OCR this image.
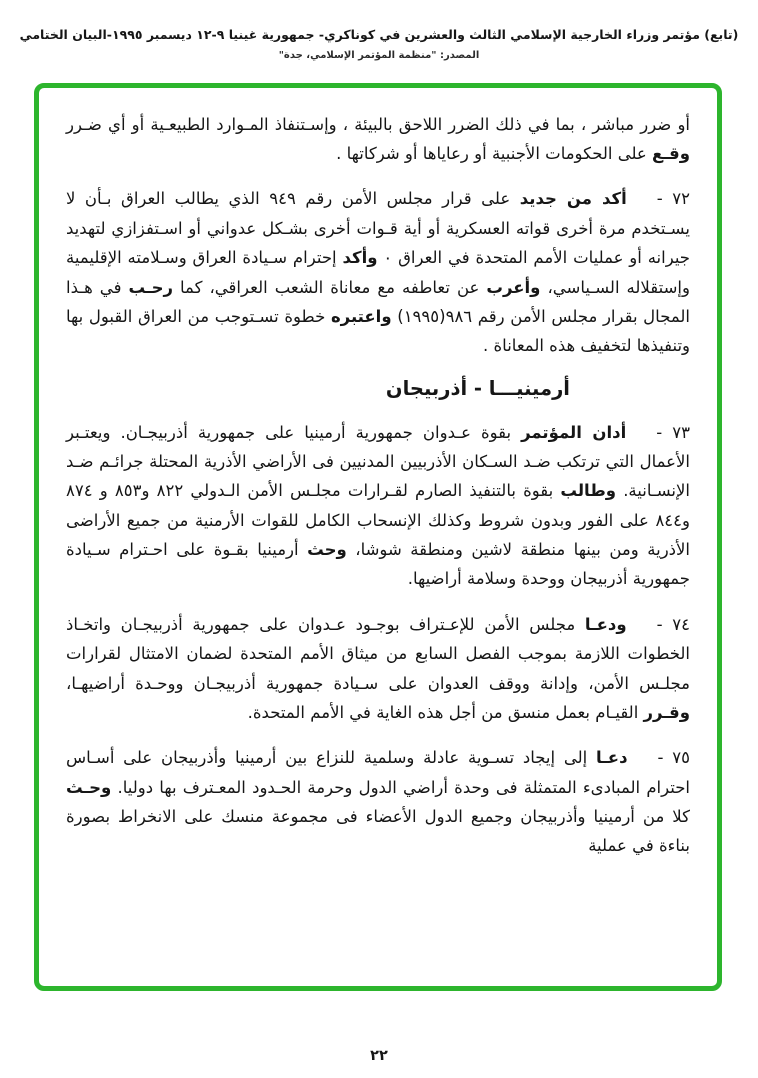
(تابع) مؤتمر وزراء الخارجية الإسلامي الثالث والعشرين في كوناكري- جمهورية غينيا ٩-١٢ ديسمبر ١٩٩٥-البيان الختامي
المصدر: "منظمة المؤتمر الإسلامي، جدة"

أو ضرر مباشر ، بما في ذلك الضرر اللاحق بالبيئة ، وإسـتنفاذ المـوارد الطبيعـية أو أي ضـرر وقـع على الحكومات الأجنبية أو رعاياها أو شركاتها .

٧٢ -أكد من جديد على قرار مجلس الأمن رقم ٩٤٩ الذي يطالب العراق بـأن لا يسـتخدم مرة أخرى قواته العسكرية أو أية قـوات أخرى بشـكل عدواني أو اسـتفزازي لتهديد جيرانه أو عمليات الأمم المتحدة في العراق ٠ وأكد إحترام سـيادة العراق وسـلامته الإقليمية وإستقلاله السـياسي، وأعرب عن تعاطفه مع معاناة الشعب العراقي، كما رحـب في هـذا المجال بقرار مجلس الأمن رقم ٩٨٦(١٩٩٥) واعتبره خطوة تسـتوجب من العراق القبول بها وتنفيذها لتخفيف هذه المعاناة .

أرمينيـــا - أذربيجان

٧٣ -أدان المؤتمر بقوة عـدوان جمهورية أرمينيا على جمهورية أذربيجـان. ويعتـبر الأعمال التي ترتكب ضـد السـكان الأذربيين المدنيين فى الأراضي الأذرية المحتلة جرائـم ضـد الإنسـانية. وطالب بقوة بالتنفيذ الصارم لقـرارات مجلـس الأمن الـدولي ٨٢٢ و٨٥٣ و ٨٧٤ و٨٤٤ على الفور وبدون شروط وكذلك الإنسحاب الكامل للقوات الأرمنية من جميع الأراضى الأذرية ومن بينها منطقة لاشين ومنطقة شوشا، وحث أرمينيا بقـوة على احـترام سـيادة جمهورية أذربيجان ووحدة وسلامة أراضيها.

٧٤ -ودعـا مجلس الأمن للإعـتراف بوجـود عـدوان على جمهورية أذربيجـان واتخـاذ الخطوات اللازمة بموجب الفصل السابع من ميثاق الأمم المتحدة لضمان الامتثال لقرارات مجلـس الأمن، وإدانة ووقف العدوان على سـيادة جمهورية أذربيجـان ووحـدة أراضيهـا، وقـرر القيـام بعمل منسق من أجل هذه الغاية في الأمم المتحدة.

٧٥ -دعـا إلى إيجاد تسـوية عادلة وسلمية للنزاع بين أرمينيا وأذربيجان على أسـاس احترام المبادىء المتمثلة فى وحدة أراضي الدول وحرمة الحـدود المعـترف بها دوليا. وحـث كلا من أرمينيا وأذربيجان وجميع الدول الأعضاء فى مجموعة منسك على الانخراط بصورة بناءة في عملية

٢٢
